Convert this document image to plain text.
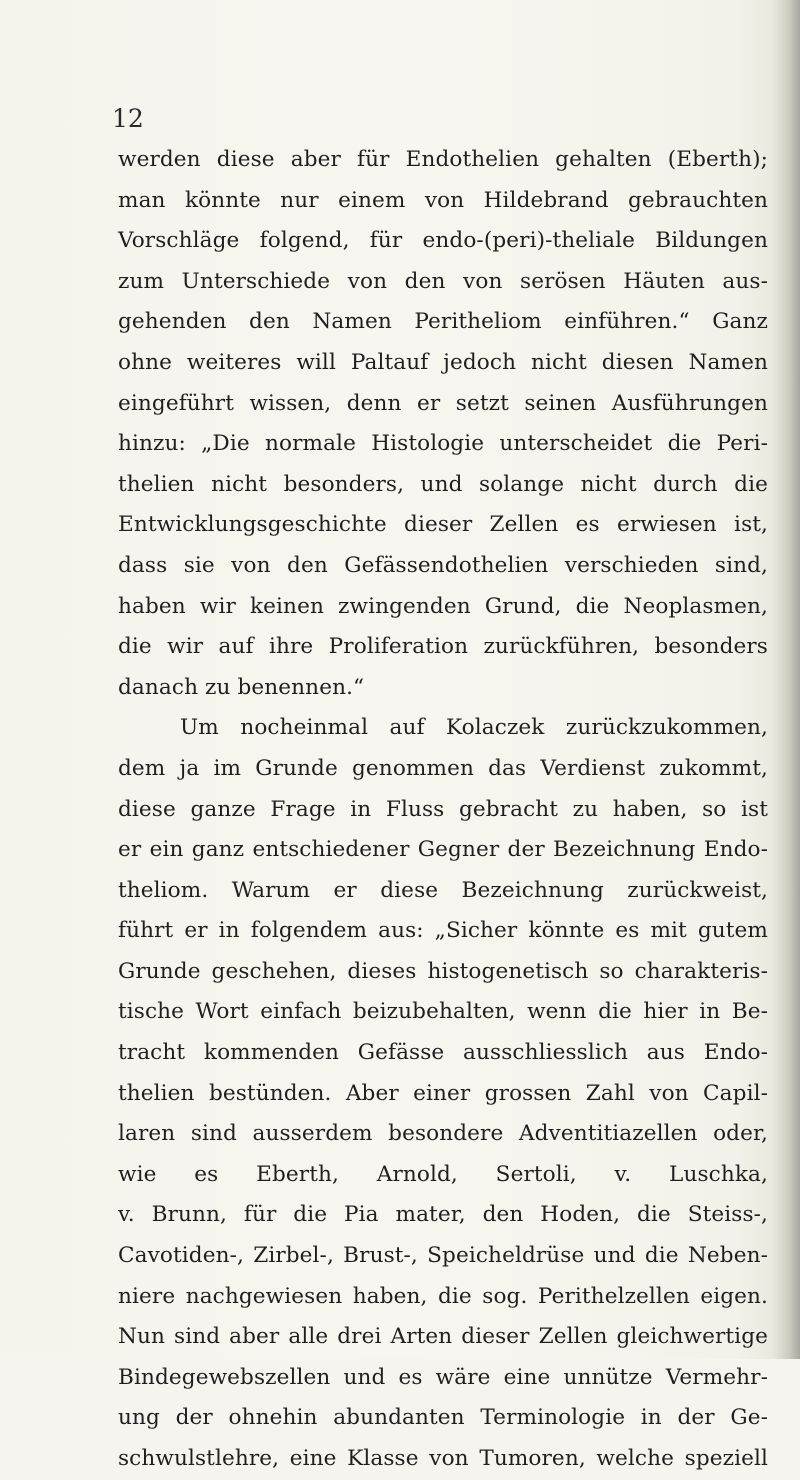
12
werden diese aber für Endothelien gehalten (Eberth);
man könnte nur einem von Hildebrand gebrauchten
Vorschläge folgend, für endo-(peri)-theliale Bildungen
zum Unterschiede von den von serösen Häuten aus-
gehenden den Namen Peritheliom einführen.“ Ganz
ohne weiteres will Paltauf jedoch nicht diesen Namen
eingeführt wissen, denn er setzt seinen Ausführungen
hinzu: „Die normale Histologie unterscheidet die Peri-
thelien nicht besonders, und solange nicht durch die
Entwicklungsgeschichte dieser Zellen es erwiesen ist,
dass sie von den Gefässendothelien verschieden sind,
haben wir keinen zwingenden Grund, die Neoplasmen,
die wir auf ihre Proliferation zurückführen, besonders
danach zu benennen.“
Um nocheinmal auf Kolaczek zurückzukommen,
dem ja im Grunde genommen das Verdienst zukommt,
diese ganze Frage in Fluss gebracht zu haben, so ist
er ein ganz entschiedener Gegner der Bezeichnung Endo-
theliom. Warum er diese Bezeichnung zurückweist,
führt er in folgendem aus: „Sicher könnte es mit gutem
Grunde geschehen, dieses histogenetisch so charakteris-
tische Wort einfach beizubehalten, wenn die hier in Be-
tracht kommenden Gefässe ausschliesslich aus Endo-
thelien bestünden. Aber einer grossen Zahl von Capil-
laren sind ausserdem besondere Adventitiazellen oder,
wie es Eberth, Arnold, Sertoli, v. Luschka,
v. Brunn, für die Pia mater, den Hoden, die Steiss-,
Cavotiden-, Zirbel-, Brust-, Speicheldrüse und die Neben-
niere nachgewiesen haben, die sog. Perithelzellen eigen.
Nun sind aber alle drei Arten dieser Zellen gleichwertige
Bindegewebszellen und es wäre eine unnütze Vermehr-
ung der ohnehin abundanten Terminologie in der Ge-
schwulstlehre, eine Klasse von Tumoren, welche speziell
